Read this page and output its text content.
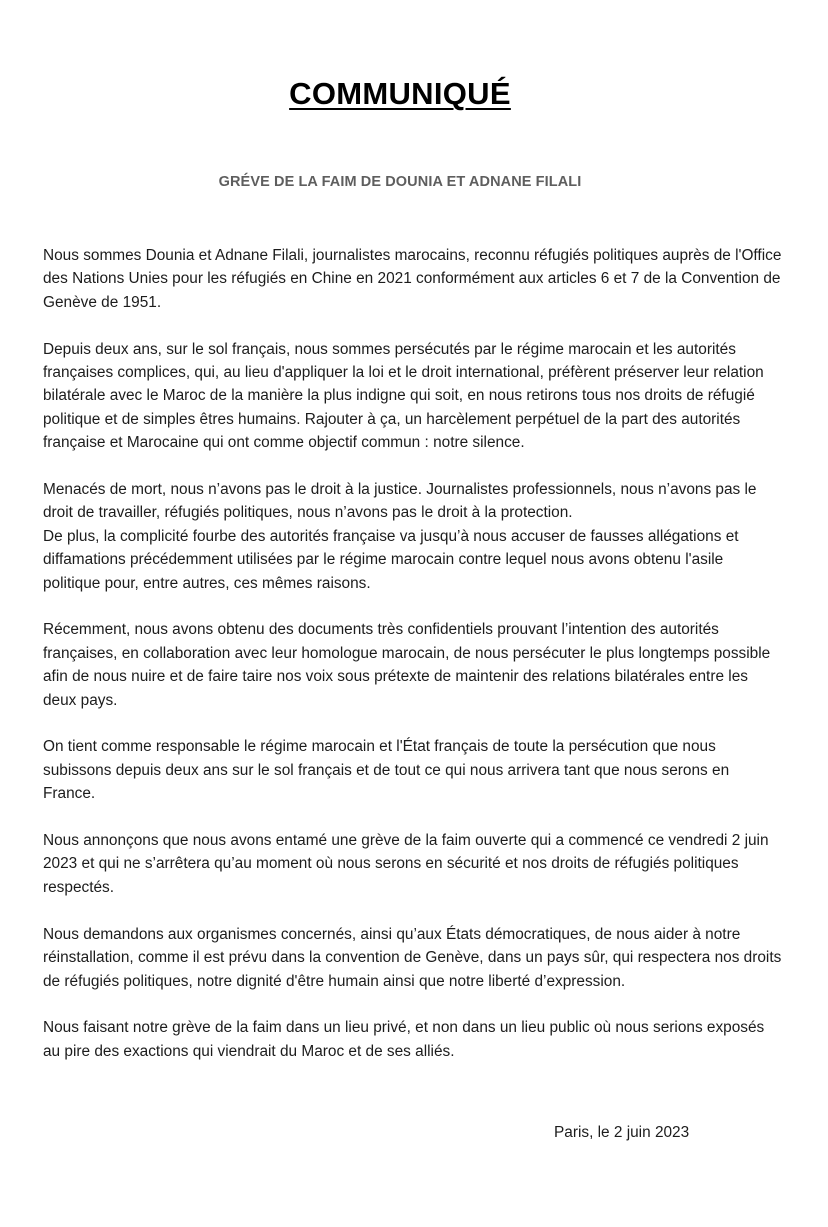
COMMUNIQUÉ
GRÉVE DE LA FAIM DE DOUNIA ET ADNANE FILALI

Nous sommes Dounia et Adnane Filali, journalistes marocains, reconnu réfugiés politiques auprès de l'Office des Nations Unies pour les réfugiés en Chine en 2021 conformément aux articles 6 et 7 de la Convention de Genève de 1951.

Depuis deux ans, sur le sol français, nous sommes persécutés par le régime marocain et les autorités françaises complices, qui, au lieu d'appliquer la loi et le droit international, préfèrent préserver leur relation bilatérale avec le Maroc de la manière la plus indigne qui soit, en nous retirons tous nos droits de réfugié politique et de simples êtres humains. Rajouter à ça, un harcèlement perpétuel de la part des autorités française et Marocaine qui ont comme objectif commun : notre silence.

Menacés de mort, nous n’avons pas le droit à la justice. Journalistes professionnels, nous n’avons pas le droit de travailler, réfugiés politiques, nous n’avons pas le droit à la protection.

De plus, la complicité fourbe des autorités française va jusqu’à nous accuser de fausses allégations et diffamations précédemment utilisées par le régime marocain contre lequel nous avons obtenu l'asile politique pour, entre autres, ces mêmes raisons.

Récemment, nous avons obtenu des documents très confidentiels prouvant l’intention des autorités françaises, en collaboration avec leur homologue marocain, de nous persécuter le plus longtemps possible afin de nous nuire et de faire taire nos voix sous prétexte de maintenir des relations bilatérales entre les deux pays.

On tient comme responsable le régime marocain et l'État français de toute la persécution que nous subissons depuis deux ans sur le sol français et de tout ce qui nous arrivera tant que nous serons en France.

Nous annonçons que nous avons entamé une grève de la faim ouverte qui a commencé ce vendredi 2 juin 2023 et qui ne s’arrêtera qu’au moment où nous serons en sécurité et nos droits de réfugiés politiques respectés.

Nous demandons aux organismes concernés, ainsi qu’aux États démocratiques, de nous aider à notre réinstallation, comme il est prévu dans la convention de Genève, dans un pays sûr, qui respectera nos droits de réfugiés politiques, notre dignité d'être humain ainsi que notre liberté d’expression.

Nous faisant notre grève de la faim dans un lieu privé, et non dans un lieu public où nous serions exposés au pire des exactions qui viendrait du Maroc et de ses alliés.

Paris, le 2 juin 2023
